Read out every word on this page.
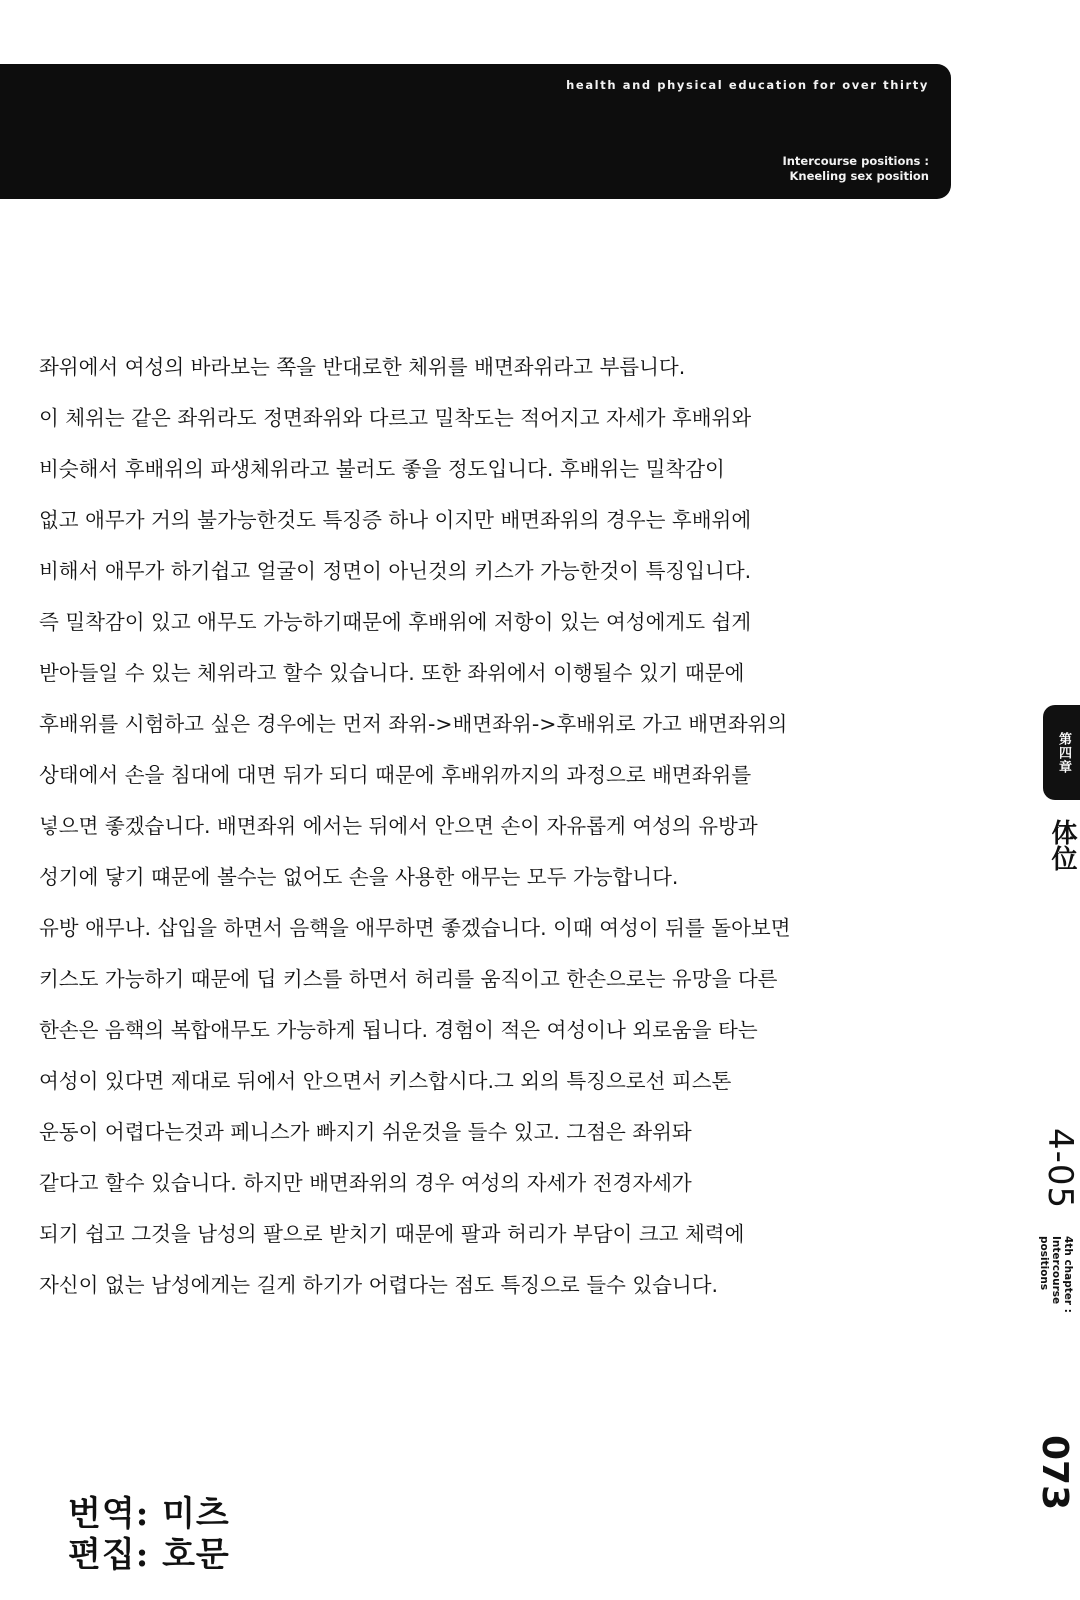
health and physical education for over thirty
Intercourse positions :
Kneeling sex position
좌위에서 여성의 바라보는 쪽을 반대로한 체위를 배면좌위라고 부릅니다.
이 체위는 같은 좌위라도 정면좌위와 다르고 밀착도는 적어지고 자세가 후배위와
비슷해서 후배위의 파생체위라고 불러도 좋을 정도입니다. 후배위는 밀착감이
없고 애무가 거의 불가능한것도 특징증 하나 이지만 배면좌위의 경우는 후배위에
비해서 애무가 하기쉽고 얼굴이 정면이 아닌것의 키스가 가능한것이 특징입니다.
즉 밀착감이 있고 애무도 가능하기때문에 후배위에 저항이 있는 여성에게도 쉽게
받아들일 수 있는 체위라고 할수 있습니다. 또한 좌위에서 이행될수 있기 때문에
후배위를 시험하고 싶은 경우에는 먼저 좌위->배면좌위->후배위로 가고 배면좌위의
상태에서 손을 침대에 대면 뒤가 되디 때문에 후배위까지의 과정으로 배면좌위를
넣으면 좋겠습니다. 배면좌위 에서는 뒤에서 안으면 손이 자유롭게 여성의 유방과
성기에 닿기 떄문에 볼수는 없어도 손을 사용한 애무는 모두 가능합니다.
유방 애무나. 삽입을 하면서 음핵을 애무하면 좋겠습니다. 이때 여성이 뒤를 돌아보면
키스도 가능하기 때문에 딥 키스를 하면서 허리를 움직이고 한손으로는 유망을 다른
한손은 음핵의 복합애무도 가능하게 됩니다. 경험이 적은 여성이나 외로움을 타는
여성이 있다면 제대로 뒤에서 안으면서 키스합시다.그 외의 특징으로선 피스톤
운동이 어렵다는것과 페니스가 빠지기 쉬운것을 들수 있고. 그점은 좌위돠
같다고 할수 있습니다. 하지만 배면좌위의 경우 여성의 자세가 전경자세가
되기 쉽고 그것을 남성의 팔으로 받치기 때문에 팔과 허리가 부담이 크고 체력에
자신이 없는 남성에게는 길게 하기가 어렵다는 점도 특징으로 들수 있습니다.
第四章
体位
4-05
4th chapter :
Intercourse positions
073
번역: 미츠
편집: 호문
